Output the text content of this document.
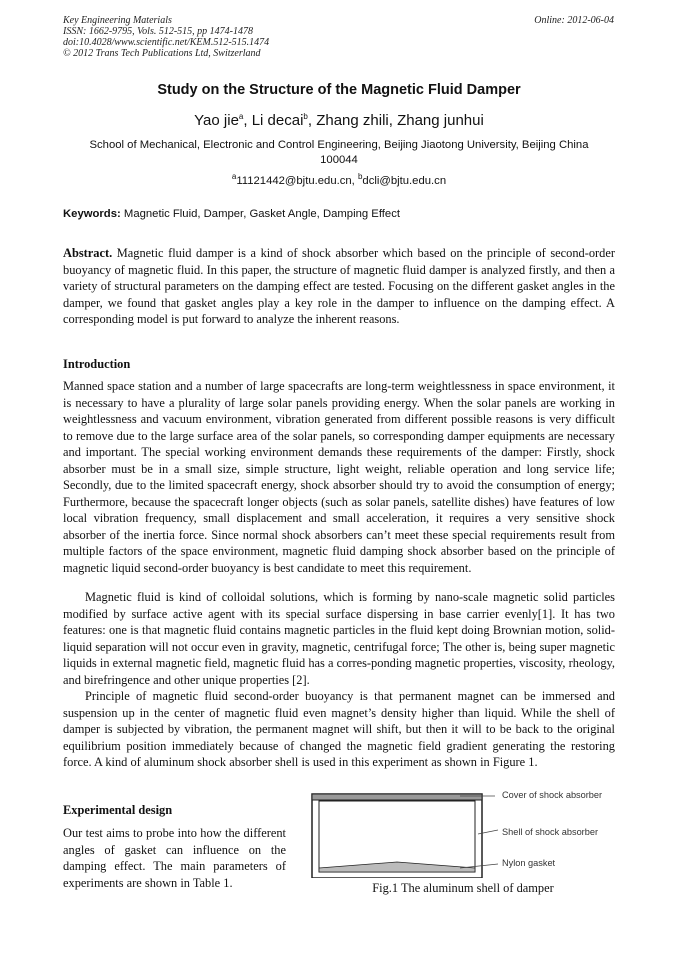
Key Engineering Materials
ISSN: 1662-9795, Vols. 512-515, pp 1474-1478
doi:10.4028/www.scientific.net/KEM.512-515.1474
© 2012 Trans Tech Publications Ltd, Switzerland
Online: 2012-06-04
Study on the Structure of the Magnetic Fluid Damper
Yao jie$^a$, Li decai$^b$, Zhang zhili, Zhang junhui
School of Mechanical, Electronic and Control Engineering, Beijing Jiaotong University, Beijing China
100044
$^a$11121442@bjtu.edu.cn, $^b$dcli@bjtu.edu.cn
Keywords: Magnetic Fluid, Damper, Gasket Angle, Damping Effect
Abstract. Magnetic fluid damper is a kind of shock absorber which based on the principle of second-order buoyancy of magnetic fluid. In this paper, the structure of magnetic fluid damper is analyzed firstly, and then a variety of structural parameters on the damping effect are tested. Focusing on the different gasket angles in the damper, we found that gasket angles play a key role in the damper to influence on the damping effect. A corresponding model is put forward to analyze the inherent reasons.
Introduction
Manned space station and a number of large spacecrafts are long-term weightlessness in space environment, it is necessary to have a plurality of large solar panels providing energy. When the solar panels are working in weightlessness and vacuum environment, vibration generated from different possible reasons is very difficult to remove due to the large surface area of the solar panels, so corresponding damper equipments are necessary and important. The special working environment demands these requirements of the damper: Firstly, shock absorber must be in a small size, simple structure, light weight, reliable operation and long service life; Secondly, due to the limited spacecraft energy, shock absorber should try to avoid the consumption of energy; Furthermore, because the spacecraft longer objects (such as solar panels, satellite dishes) have features of low local vibration frequency, small displacement and small acceleration, it requires a very sensitive shock absorber of the inertia force. Since normal shock absorbers can’t meet these special requirements result from multiple factors of the space environment, magnetic fluid damping shock absorber based on the principle of magnetic liquid second-order buoyancy is best candidate to meet this requirement.
Magnetic fluid is kind of colloidal solutions, which is forming by nano-scale magnetic solid particles modified by surface active agent with its special surface dispersing in base carrier evenly[1]. It has two features: one is that magnetic fluid contains magnetic particles in the fluid kept doing Brownian motion, solid-liquid separation will not occur even in gravity, magnetic, centrifugal force; The other is, being super magnetic liquids in external magnetic field, magnetic fluid has a corres-ponding magnetic properties, viscosity, rheology, and birefringence and other unique properties [2].
Principle of magnetic fluid second-order buoyancy is that permanent magnet can be immersed and suspension up in the center of magnetic fluid even magnet’s density higher than liquid. While the shell of damper is subjected by vibration, the permanent magnet will shift, but then it will to be back to the original equilibrium position immediately because of changed the magnetic field gradient generating the restoring force. A kind of aluminum shock absorber shell is used in this experiment as shown in Figure 1.
Experimental design
Our test aims to probe into how the different angles of gasket can influence on the damping effect. The main parameters of experiments are shown in Table 1.
Cover of shock absorber
Shell of shock absorber
Nylon gasket
Fig.1 The aluminum shell of damper
